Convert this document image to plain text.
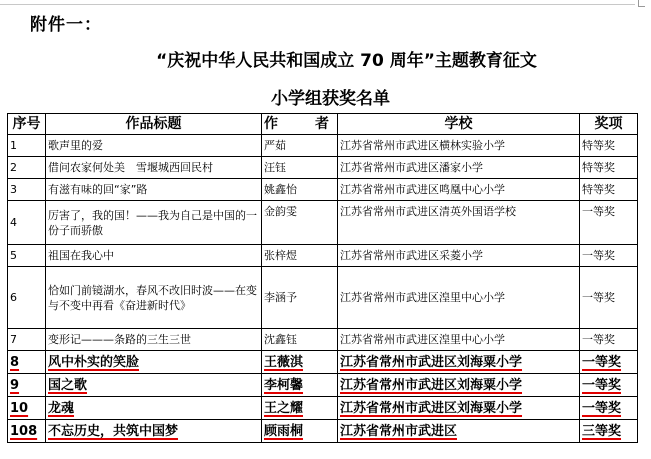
附件一：
“庆祝中华人民共和国成立 70 周年”主题教育征文
小学组获奖名单
序号	作品标题	作 者	学校	奖项
1	歌声里的爱	严茹	江苏省常州市武进区横林实验小学	特等奖
2	借问农家何处美　雪堰城西回民村	汪钰	江苏省常州市武进区潘家小学	特等奖
3	有滋有味的回“家”路	姚鑫怡	江苏省常州市武进区鸣凰中心小学	特等奖
4	厉害了，我的国！——我为自己是中国的一份子而骄傲	金韵雯	江苏省常州市武进区清英外国语学校	一等奖
5	祖国在我心中	张梓煜	江苏省常州市武进区采菱小学	一等奖
6	恰如门前镜湖水，春风不改旧时波——在变与不变中再看《奋进新时代》	李涵予	江苏省常州市武进区湟里中心小学	一等奖
7	变形记———条路的三生三世	沈鑫钰	江苏省常州市武进区湟里中心小学	一等奖
8	风中朴实的笑脸	王薇淇	江苏省常州市武进区刘海粟小学	一等奖
9	国之歌	李柯馨	江苏省常州市武进区刘海粟小学	一等奖
10	龙魂	王之耀	江苏省常州市武进区刘海粟小学	一等奖
108	不忘历史，共筑中国梦	顾雨桐	江苏省常州市武进区	三等奖
